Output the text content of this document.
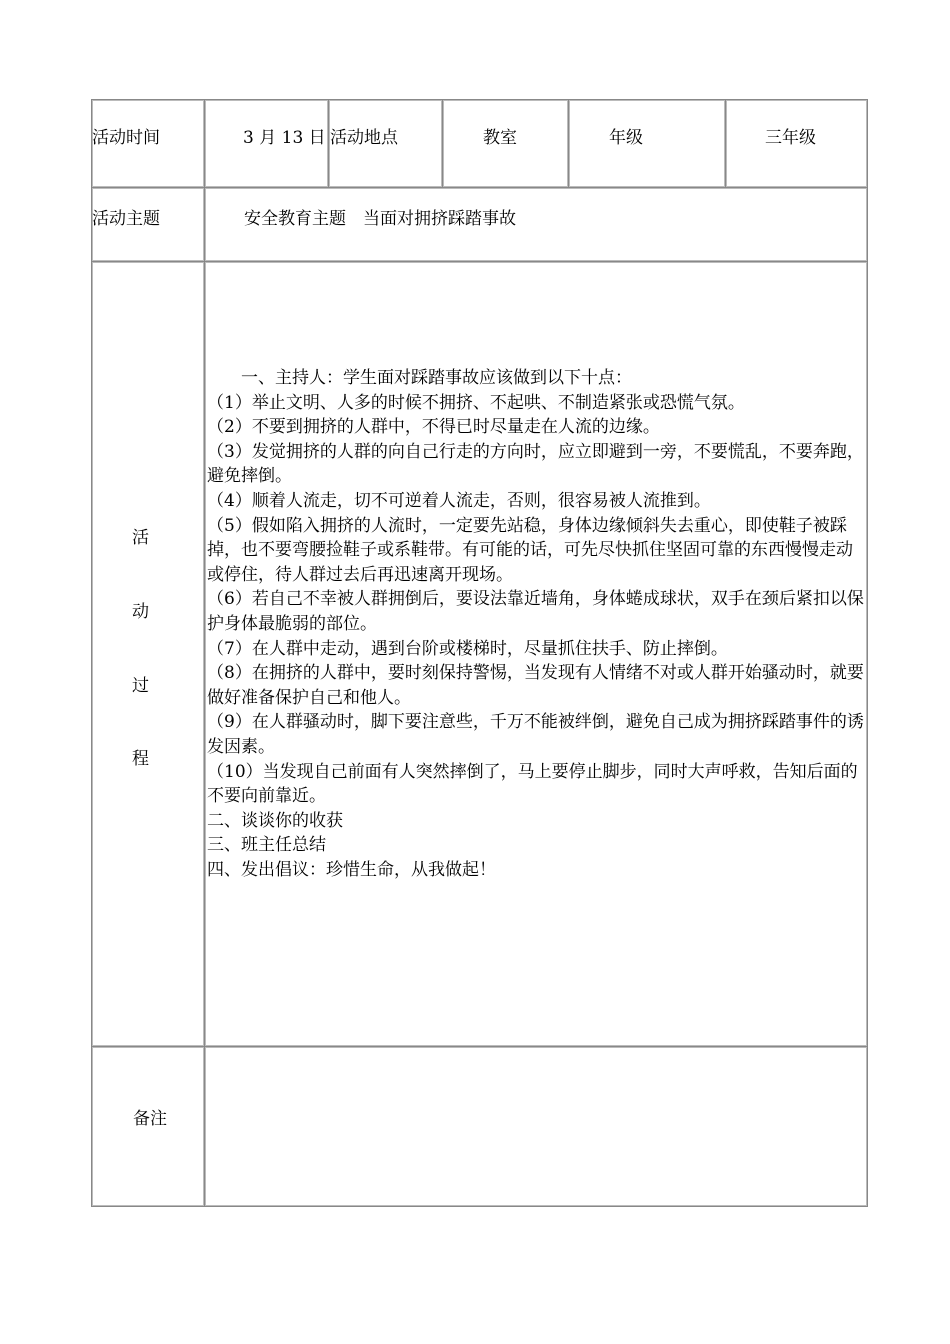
活动时间	3 月 13 日 活动地点	教室	年级	三年级
活动主题	安全教育主题　当面对拥挤踩踏事故
活
动
过
程
　　一、主持人：学生面对踩踏事故应该做到以下十点：
（1）举止文明、人多的时候不拥挤、不起哄、不制造紧张或恐慌气氛。
（2）不要到拥挤的人群中，不得已时尽量走在人流的边缘。
（3）发觉拥挤的人群的向自己行走的方向时，应立即避到一旁，不要慌乱，不要奔跑，避免摔倒。
（4）顺着人流走，切不可逆着人流走，否则，很容易被人流推到。
（5）假如陷入拥挤的人流时，一定要先站稳，身体边缘倾斜失去重心，即使鞋子被踩掉，也不要弯腰捡鞋子或系鞋带。有可能的话，可先尽快抓住坚固可靠的东西慢慢走动或停住，待人群过去后再迅速离开现场。
（6）若自己不幸被人群拥倒后，要设法靠近墙角，身体蜷成球状，双手在颈后紧扣以保护身体最脆弱的部位。
（7）在人群中走动，遇到台阶或楼梯时，尽量抓住扶手、防止摔倒。
（8）在拥挤的人群中，要时刻保持警惕，当发现有人情绪不对或人群开始骚动时，就要做好准备保护自己和他人。
（9）在人群骚动时，脚下要注意些，千万不能被绊倒，避免自己成为拥挤踩踏事件的诱发因素。
（10）当发现自己前面有人突然摔倒了，马上要停止脚步，同时大声呼救，告知后面的不要向前靠近。
二、谈谈你的收获
三、班主任总结
四、发出倡议：珍惜生命，从我做起！
备注
